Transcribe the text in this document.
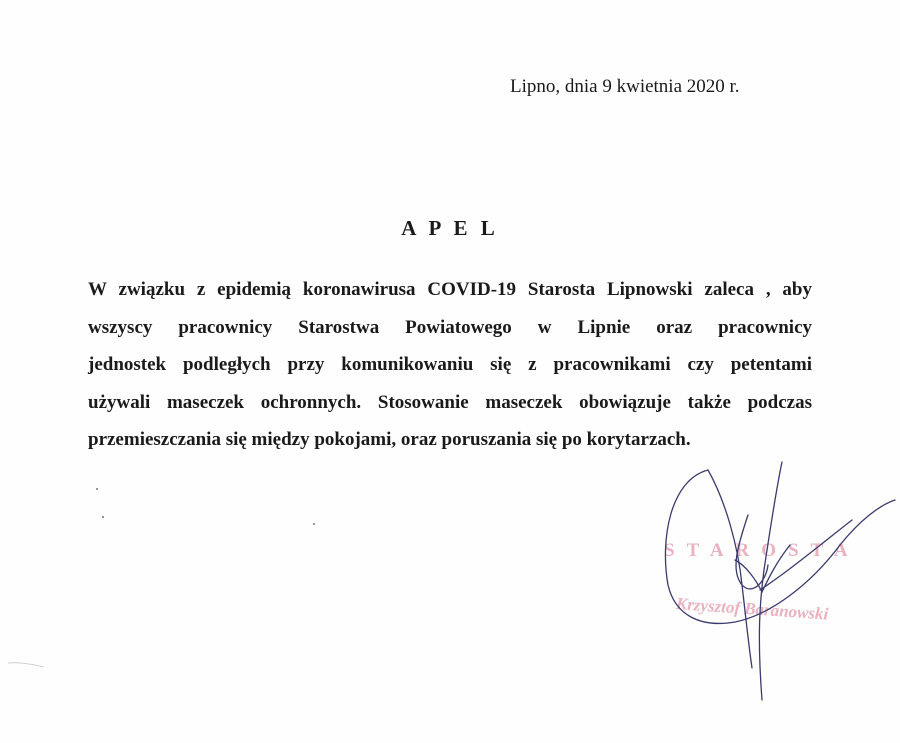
Lipno, dnia 9 kwietnia 2020 r.
A P E L
W związku z epidemią koronawirusa COVID-19 Starosta Lipnowski zaleca , aby
wszyscy pracownicy Starostwa Powiatowego w Lipnie oraz pracownicy
jednostek podległych przy komunikowaniu się z pracownikami czy petentami
używali maseczek ochronnych. Stosowanie maseczek obowiązuje także podczas
przemieszczania się między pokojami, oraz poruszania się po korytarzach.
STAROSTA
Krzysztof Baranowski
